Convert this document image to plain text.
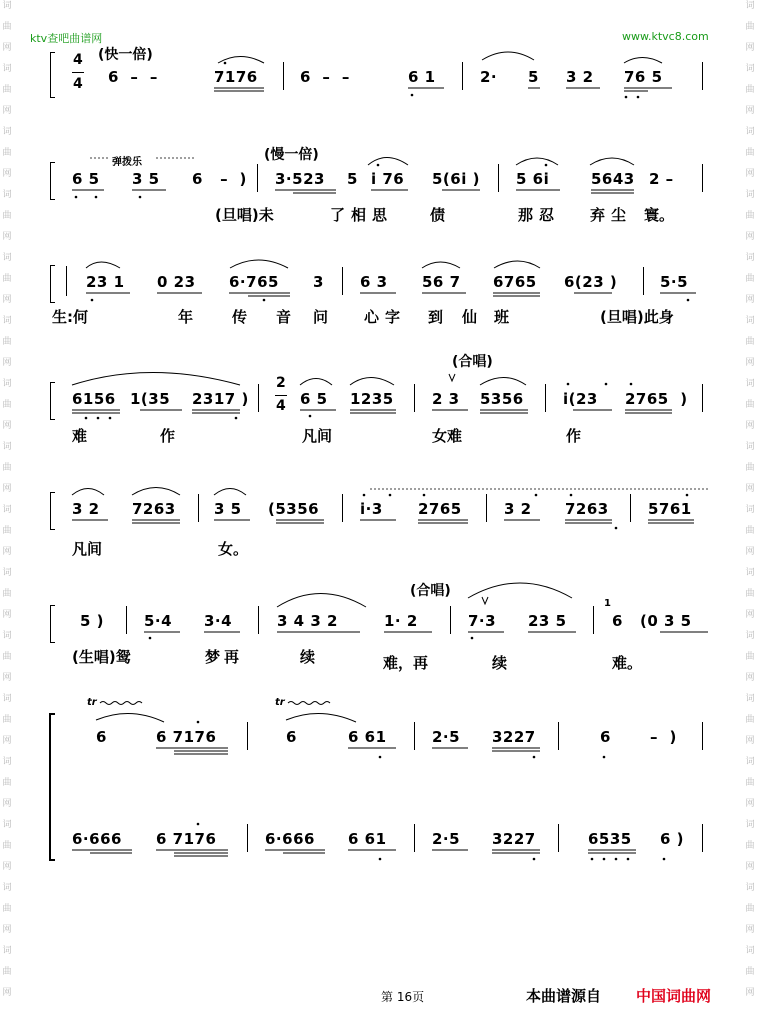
词
曲
网
词
曲
网
词
曲
网
词
曲
网
词
曲
网
词
曲
网
词
曲
网
词
曲
网
词
曲
网
词
曲
网
词
曲
网
词
曲
网
词
曲
网
词
曲
网
词
曲
网
词
曲
网
词
曲
网
词
曲
网
词
曲
网
词
曲
网
词
曲
网
词
曲
网
词
曲
网
词
曲
网
词
曲
网
词
曲
网
词
曲
网
词
曲
网
词
曲
网
词
曲
网
词
曲
网
词
曲
网
ktv查吧曲谱网	www.ktvc8.com
4
4
(快一倍)
6  –  –	7176	6  –  –	6 1	2· 5 3 2 76 5
弹拨乐	(慢一倍)
6 5 3 5 6   –  ) 3·523 5 i 76 5(6i ) 5 6i	5643 2 –
(旦唱)未	了相思 债	那忍 弃尘 寰。
23 1 0 23 6·765 3 6 3 56 7 6765 6(23 )	5·5
生:何	年	传 音 问 心字 到 仙 班	(旦唱)此身
(合唱)
6156 1(35 2317 )
2
4 6 5 1235	2 3 5356	i(23 2765  )
难	作	凡间	女难	作
3 2 7263	3 5 (5356	i·3 2765	3 2 7263	5761
凡间	女。
(合唱)
5 )	5·4 3·4	3 4 3 2	1· 2	7·3 23 5
1
6 (0 3 5
(生唱)鸳	梦再	续	难，再	续	难。
tr	tr
6	6 7176	6	6 61	2·5 3227	6	–  )
6·666 6 7176	6·666 6 61	2·5 3227	6535 6 )
第 16页	本曲谱源自 中国词曲网
